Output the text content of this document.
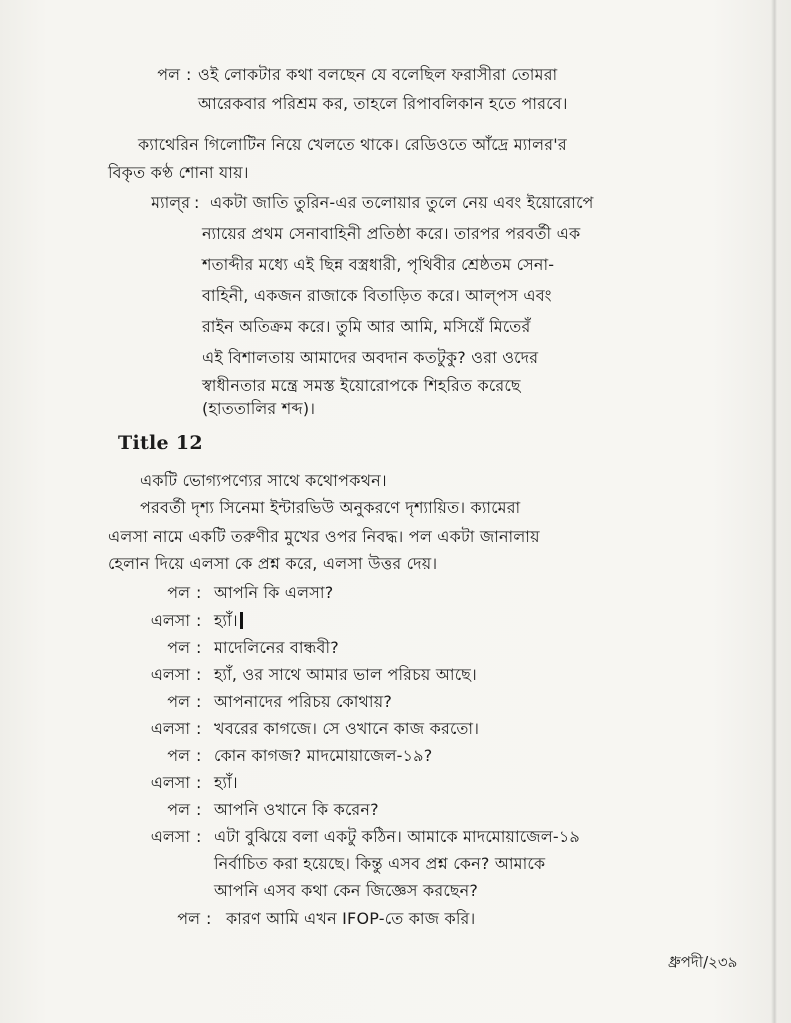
পল : ওই লোকটার কথা বলছেন যে বলেছিল ফরাসীরা তোমরা
আরেকবার পরিশ্রম কর, তাহলে রিপাবলিকান হতে পারবে।
ক্যাথেরিন গিলোটিন নিয়ে খেলতে থাকে। রেডিওতে আঁদ্রে ম্যালর'র
বিকৃত কণ্ঠ শোনা যায়।
ম্যাল্‌র : একটা জাতি তুরিন-এর তলোয়ার তুলে নেয় এবং ইয়োরোপে
ন্যায়ের প্রথম সেনাবাহিনী প্রতিষ্ঠা করে। তারপর পরবর্তী এক
শতাব্দীর মধ্যে এই ছিন্ন বস্ত্রধারী, পৃথিবীর শ্রেষ্ঠতম সেনা-
বাহিনী, একজন রাজাকে বিতাড়িত করে। আল্‌পস এবং
রাইন অতিক্রম করে। তুমি আর আমি, মসিয়েঁ মিতেরঁ
এই বিশালতায় আমাদের অবদান কতটুকু? ওরা ওদের
স্বাধীনতার মন্ত্রে সমস্ত ইয়োরোপকে শিহরিত করেছে
(হাততালির শব্দ)।
Title 12
একটি ভোগ্যপণ্যের সাথে কথোপকথন।
পরবর্তী দৃশ্য সিনেমা ইন্টারভিউ অনুকরণে দৃশ্যায়িত। ক্যামেরা
এলসা নামে একটি তরুণীর মুখের ওপর নিবদ্ধ। পল একটা জানালায়
হেলান দিয়ে এলসা কে প্রশ্ন করে, এলসা উত্তর দেয়।
পল : আপনি কি এলসা?
এলসা : হ্যাঁ।
পল : মাদেলিনের বান্ধবী?
এলসা : হ্যাঁ, ওর সাথে আমার ভাল পরিচয় আছে।
পল : আপনাদের পরিচয় কোথায়?
এলসা : খবরের কাগজে। সে ওখানে কাজ করতো।
পল : কোন কাগজ? মাদমোয়াজেল-১৯?
এলসা : হ্যাঁ।
পল : আপনি ওখানে কি করেন?
এলসা : এটা বুঝিয়ে বলা একটু কঠিন। আমাকে মাদমোয়াজেল-১৯
নির্বাচিত করা হয়েছে। কিন্তু এসব প্রশ্ন কেন? আমাকে
আপনি এসব কথা কেন জিজ্ঞেস করছেন?
পল : কারণ আমি এখন IFOP-তে কাজ করি।
ধ্রুপদী/২৩৯
